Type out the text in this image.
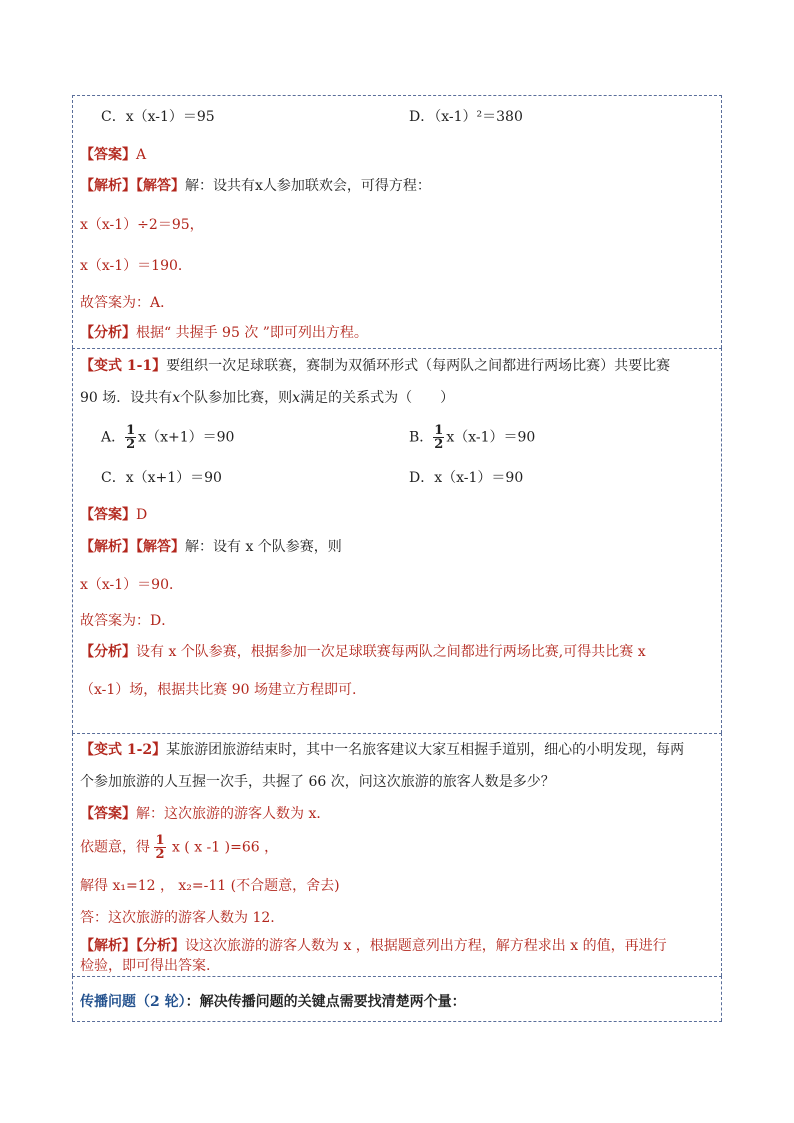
C．x（x-1）＝95	D．（x-1）²＝380
【答案】A
【解析】【解答】解：设共有x人参加联欢会，可得方程：
x（x-1）÷2＝95，
x（x-1）＝190．
故答案为：A．
【分析】根据“ 共握手 95 次 ”即可列出方程。
【变式 1-1】要组织一次足球联赛，赛制为双循环形式（每两队之间都进行两场比赛）共要比赛
90 场．设共有x个队参加比赛，则x满足的关系式为（　　）
A． $\frac{1}{2} x(x+1)=90$	B． $\frac{1}{2} x(x-1)=90$
C．x（x+1）＝90	D．x（x-1）＝90
【答案】D
【解析】【解答】解：设有 x 个队参赛，则
x（x-1）＝90．
故答案为：D．
【分析】设有 x 个队参赛，根据参加一次足球联赛每两队之间都进行两场比赛,可得共比赛 x
（x-1）场，根据共比赛 90 场建立方程即可.
【变式 1-2】某旅游团旅游结束时，其中一名旅客建议大家互相握手道别，细心的小明发现，每两
个参加旅游的人互握一次手，共握了 66 次，问这次旅游的旅客人数是多少？
【答案】解：这次旅游的游客人数为 x．
依题意，得 $\frac{1}{2}$ x ( x -1 )=66 ，
解得 x₁=12 ， x₂=-11 (不合题意，舍去)
答：这次旅游的游客人数为 12.
【解析】【分析】设这次旅游的游客人数为 x ，根据题意列出方程，解方程求出 x 的值，再进行
检验，即可得出答案.
传播问题（2 轮）：解决传播问题的关键点需要找清楚两个量：
